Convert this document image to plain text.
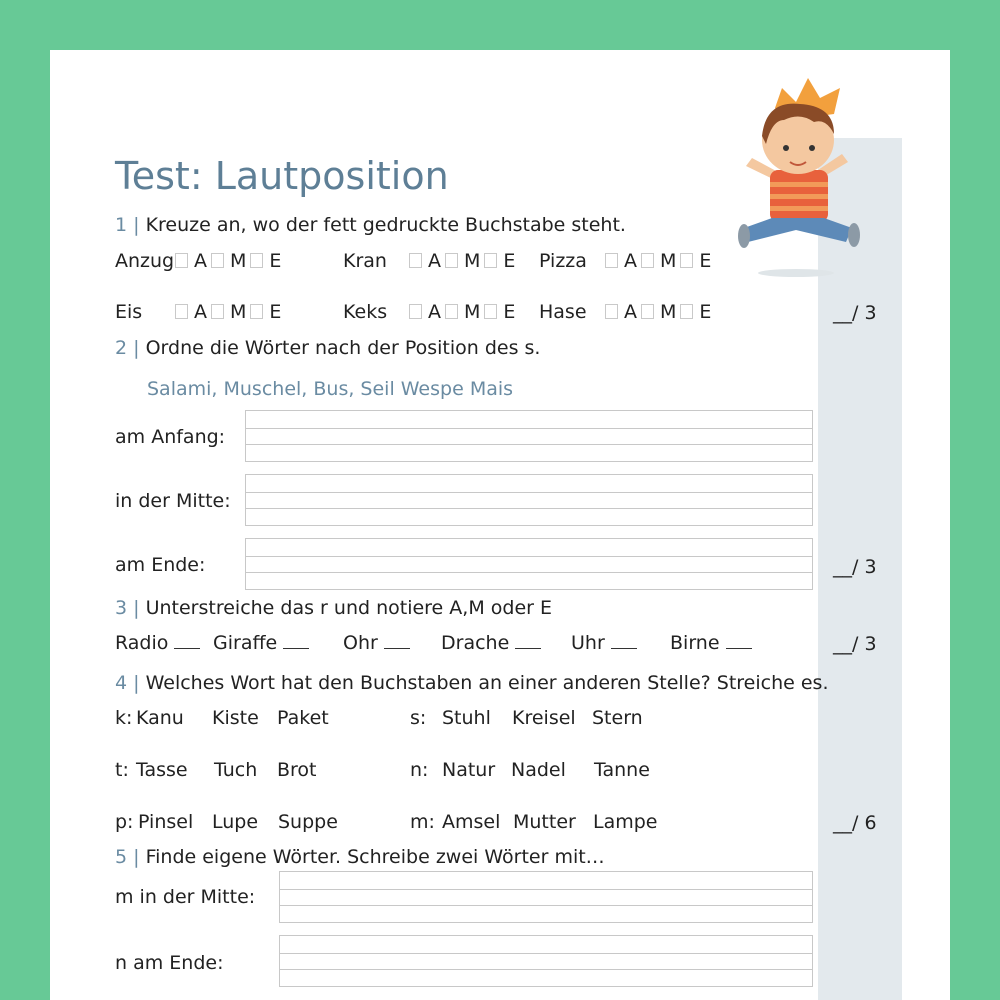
Test: Lautposition
1 | Kreuze an, wo der fett gedruckte Buchstabe steht.
Anzug A M E	Kran A M E Pizza A M E
Eis	A M E	Keks A M E Hase A M E	__/ 3
2 | Ordne die Wörter nach der Position des s.
Salami, Muschel, Bus, Seil Wespe Mais
am Anfang:
in der Mitte:
am Ende:	__/ 3
3 | Unterstreiche das r und notiere A,M oder E
Radio	Giraffe	Ohr	Drache	Uhr	Birne	__/ 3
4 | Welches Wort hat den Buchstaben an einer anderen Stelle? Streiche es.
k: Kanu Kiste Paket	s: Stuhl Kreisel Stern
t: Tasse Tuch Brot	n: Natur Nadel Tanne
p: Pinsel Lupe Suppe	m: Amsel Mutter Lampe	__/ 6
5 | Finde eigene Wörter. Schreibe zwei Wörter mit…
m in der Mitte:
n am Ende:
